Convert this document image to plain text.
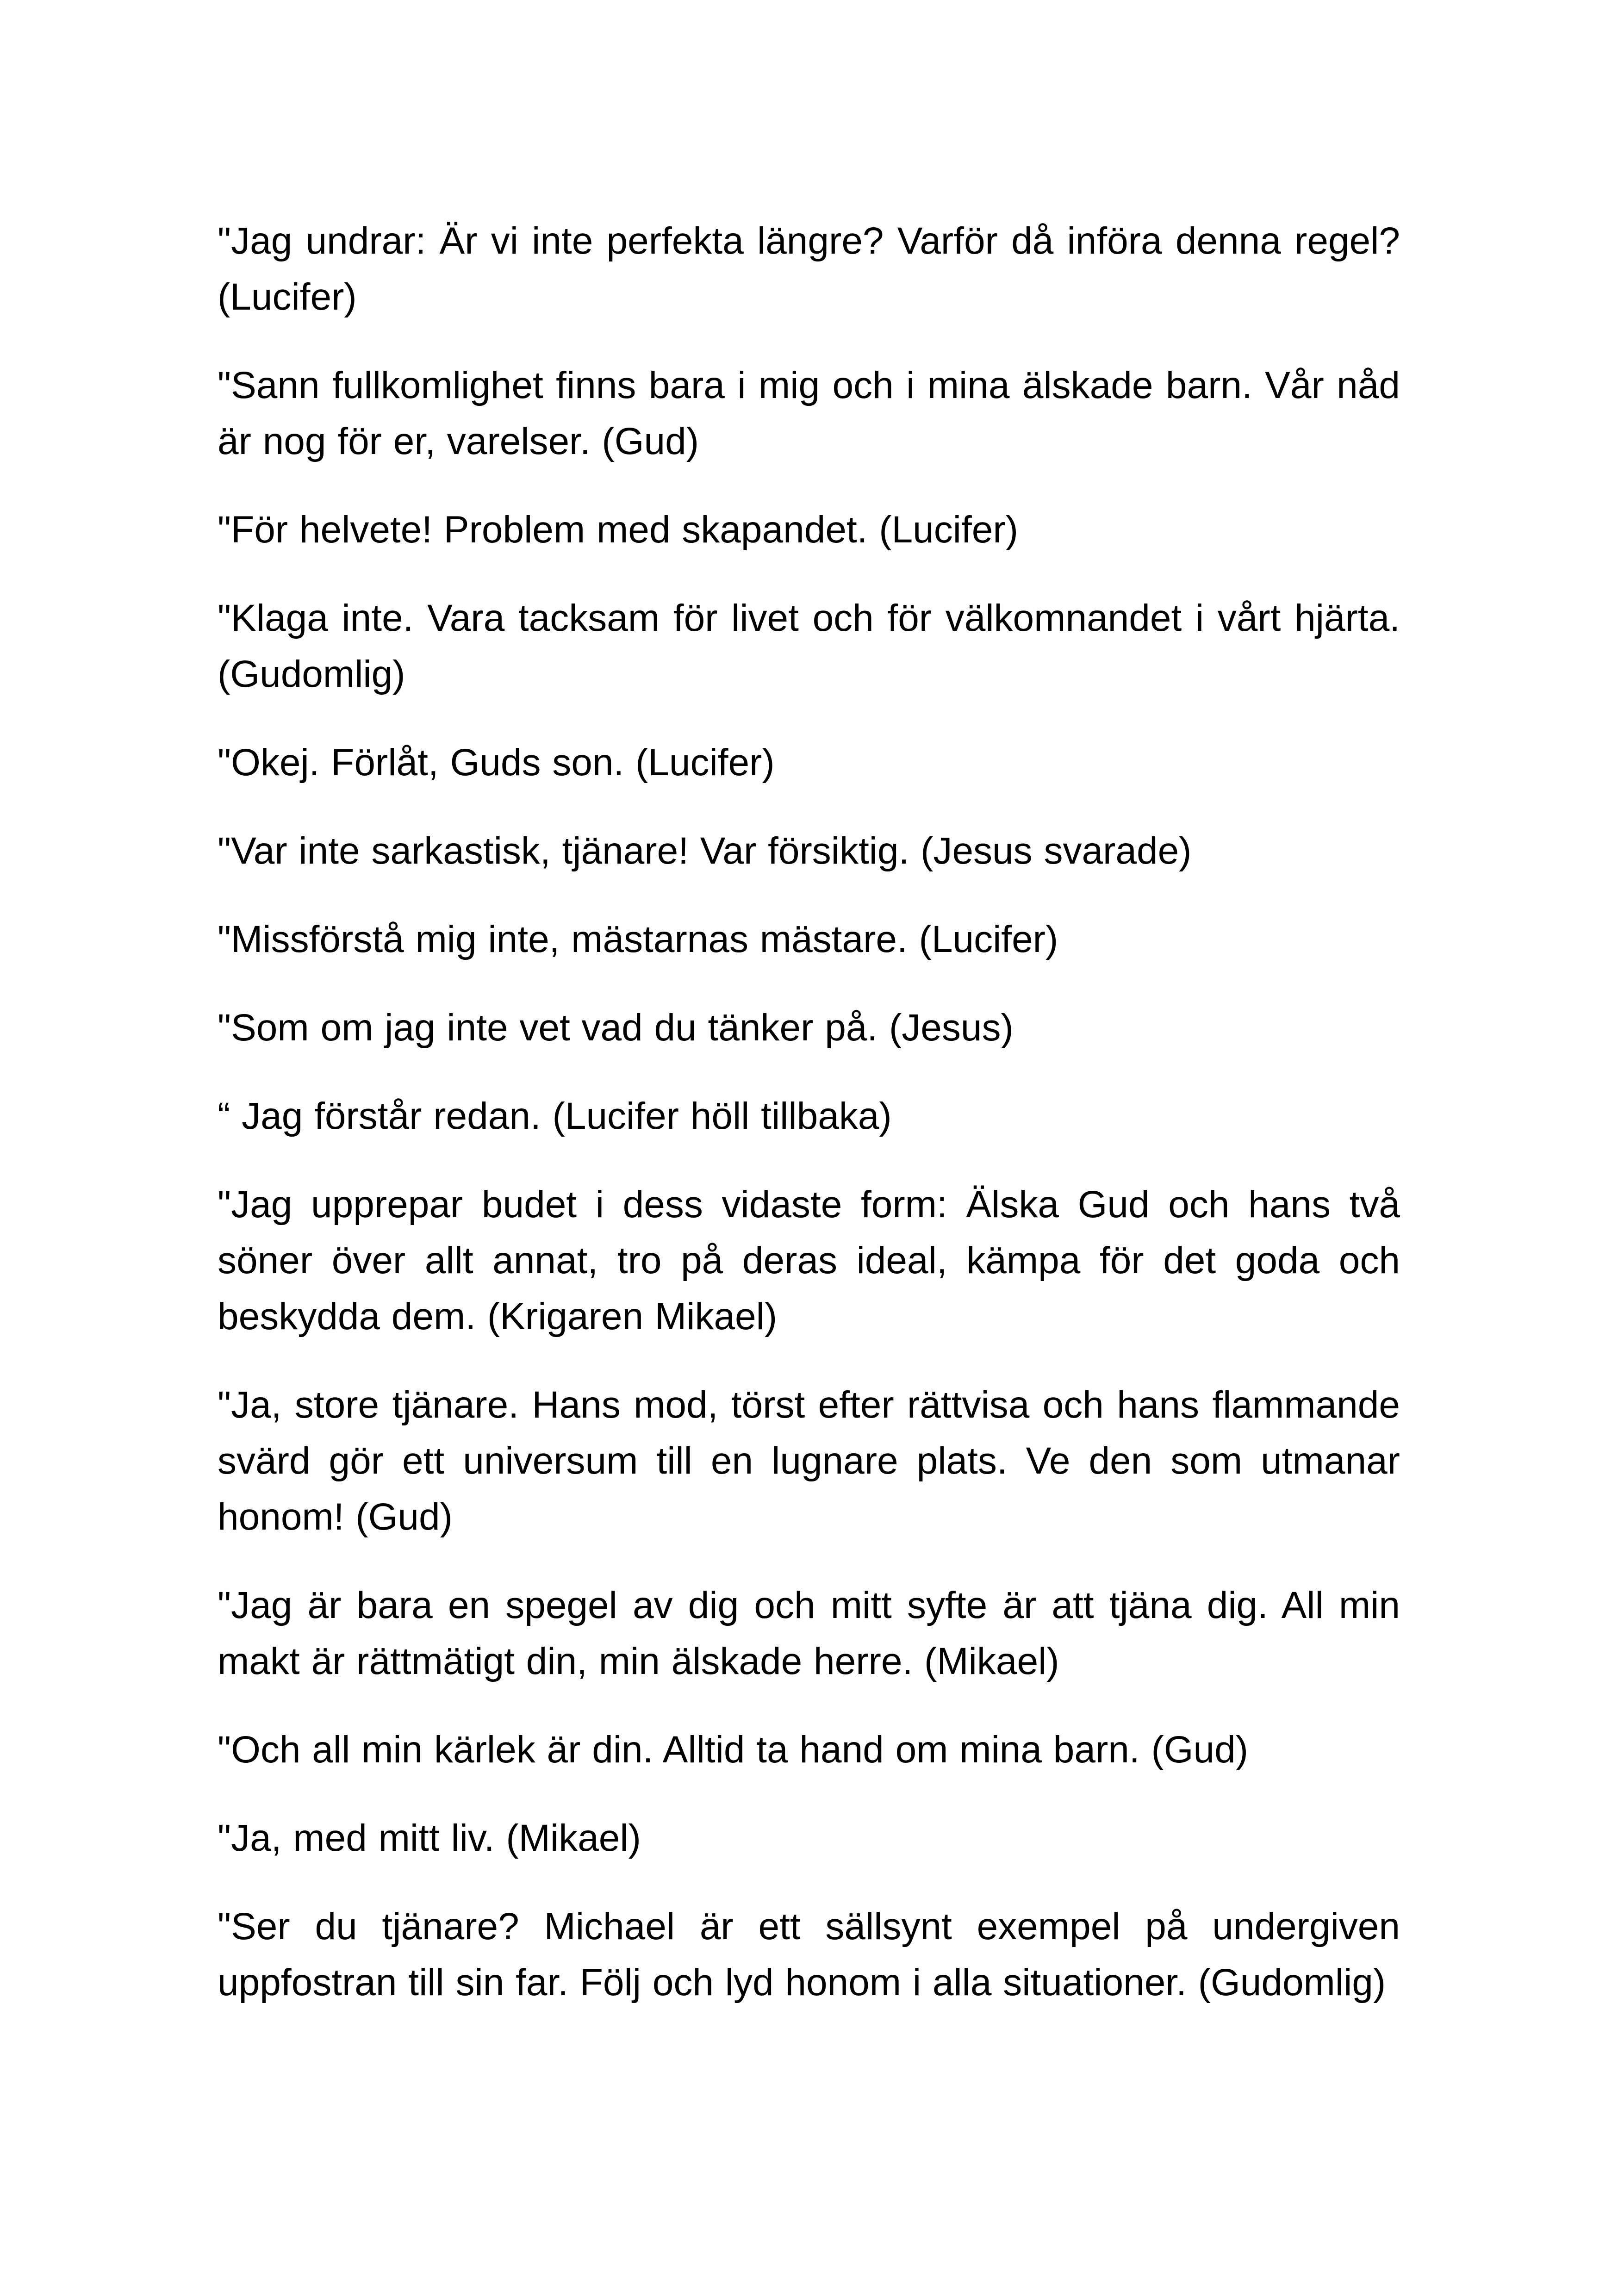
"Jag undrar: Är vi inte perfekta längre? Varför då införa denna regel? (Lucifer)

"Sann fullkomlighet finns bara i mig och i mina älskade barn. Vår nåd är nog för er, varelser. (Gud)

"För helvete! Problem med skapandet. (Lucifer)

"Klaga inte. Vara tacksam för livet och för välkomnandet i vårt hjärta. (Gudomlig)

"Okej. Förlåt, Guds son. (Lucifer)

"Var inte sarkastisk, tjänare! Var försiktig. (Jesus svarade)

"Missförstå mig inte, mästarnas mästare. (Lucifer)

"Som om jag inte vet vad du tänker på. (Jesus)

“ Jag förstår redan. (Lucifer höll tillbaka)

"Jag upprepar budet i dess vidaste form: Älska Gud och hans två söner över allt annat, tro på deras ideal, kämpa för det goda och beskydda dem. (Krigaren Mikael)

"Ja, store tjänare. Hans mod, törst efter rättvisa och hans flammande svärd gör ett universum till en lugnare plats. Ve den som utmanar honom! (Gud)

"Jag är bara en spegel av dig och mitt syfte är att tjäna dig. All min makt är rättmätigt din, min älskade herre. (Mikael)

"Och all min kärlek är din. Alltid ta hand om mina barn. (Gud)

"Ja, med mitt liv. (Mikael)

"Ser du tjänare? Michael är ett sällsynt exempel på undergiven uppfostran till sin far. Följ och lyd honom i alla situationer. (Gudomlig)
